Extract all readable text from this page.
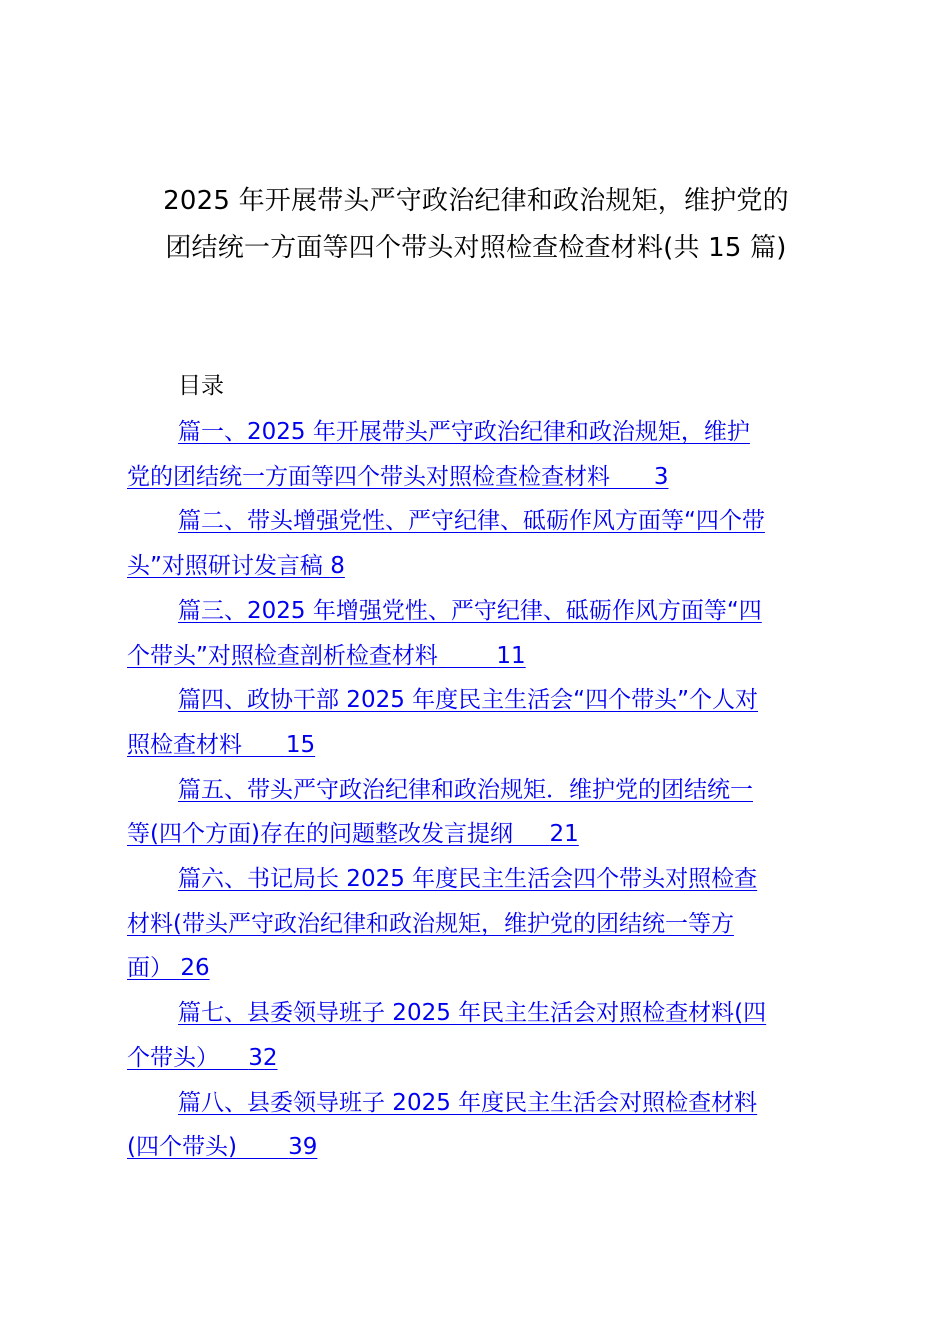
2025 年开展带头严守政治纪律和政治规矩，维护党的
团结统一方面等四个带头对照检查检查材料(共 15 篇)
目录
篇一、2025 年开展带头严守政治纪律和政治规矩，维护
党的团结统一方面等四个带头对照检查检查材料 3
篇二、带头增强党性、严守纪律、砥砺作风方面等“四个带
头”对照研讨发言稿 8
篇三、2025 年增强党性、严守纪律、砥砺作风方面等“四
个带头”对照检查剖析检查材料	11
篇四、政协干部 2025 年度民主生活会“四个带头”个人对
照检查材料 15
篇五、带头严守政治纪律和政治规矩．维护党的团结统一
等(四个方面)存在的问题整改发言提纲 21
篇六、书记局长 2025 年度民主生活会四个带头对照检查
材料(带头严守政治纪律和政治规矩，维护党的团结统一等方
面） 26
篇七、县委领导班子 2025 年民主生活会对照检查材料(四
个带头） 32
篇八、县委领导班子 2025 年度民主生活会对照检查材料
(四个带头) 39
